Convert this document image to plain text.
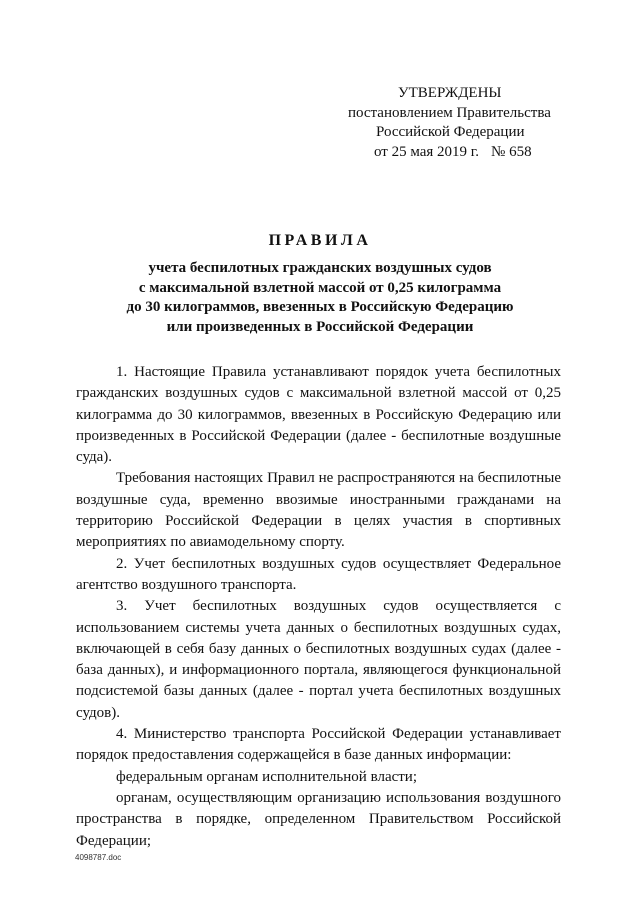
УТВЕРЖДЕНЫ
постановлением Правительства
Российской Федерации
от 25 мая 2019 г. № 658
ПРАВИЛА
учета беспилотных гражданских воздушных судов
с максимальной взлетной массой от 0,25 килограмма
до 30 килограммов, ввезенных в Российскую Федерацию
или произведенных в Российской Федерации

1. Настоящие Правила устанавливают порядок учета беспилотных гражданских воздушных судов с максимальной взлетной массой от 0,25 килограмма до 30 килограммов, ввезенных в Российскую Федерацию или произведенных в Российской Федерации (далее - беспилотные воздушные суда).

Требования настоящих Правил не распространяются на беспилотные воздушные суда, временно ввозимые иностранными гражданами на территорию Российской Федерации в целях участия в спортивных мероприятиях по авиамодельному спорту.

2. Учет беспилотных воздушных судов осуществляет Федеральное агентство воздушного транспорта.

3. Учет беспилотных воздушных судов осуществляется с использованием системы учета данных о беспилотных воздушных судах, включающей в себя базу данных о беспилотных воздушных судах (далее - база данных), и информационного портала, являющегося функциональной подсистемой базы данных (далее - портал учета беспилотных воздушных судов).

4. Министерство транспорта Российской Федерации устанавливает порядок предоставления содержащейся в базе данных информации:

федеральным органам исполнительной власти;

органам, осуществляющим организацию использования воздушного пространства в порядке, определенном Правительством Российской Федерации;

4098787.doc
